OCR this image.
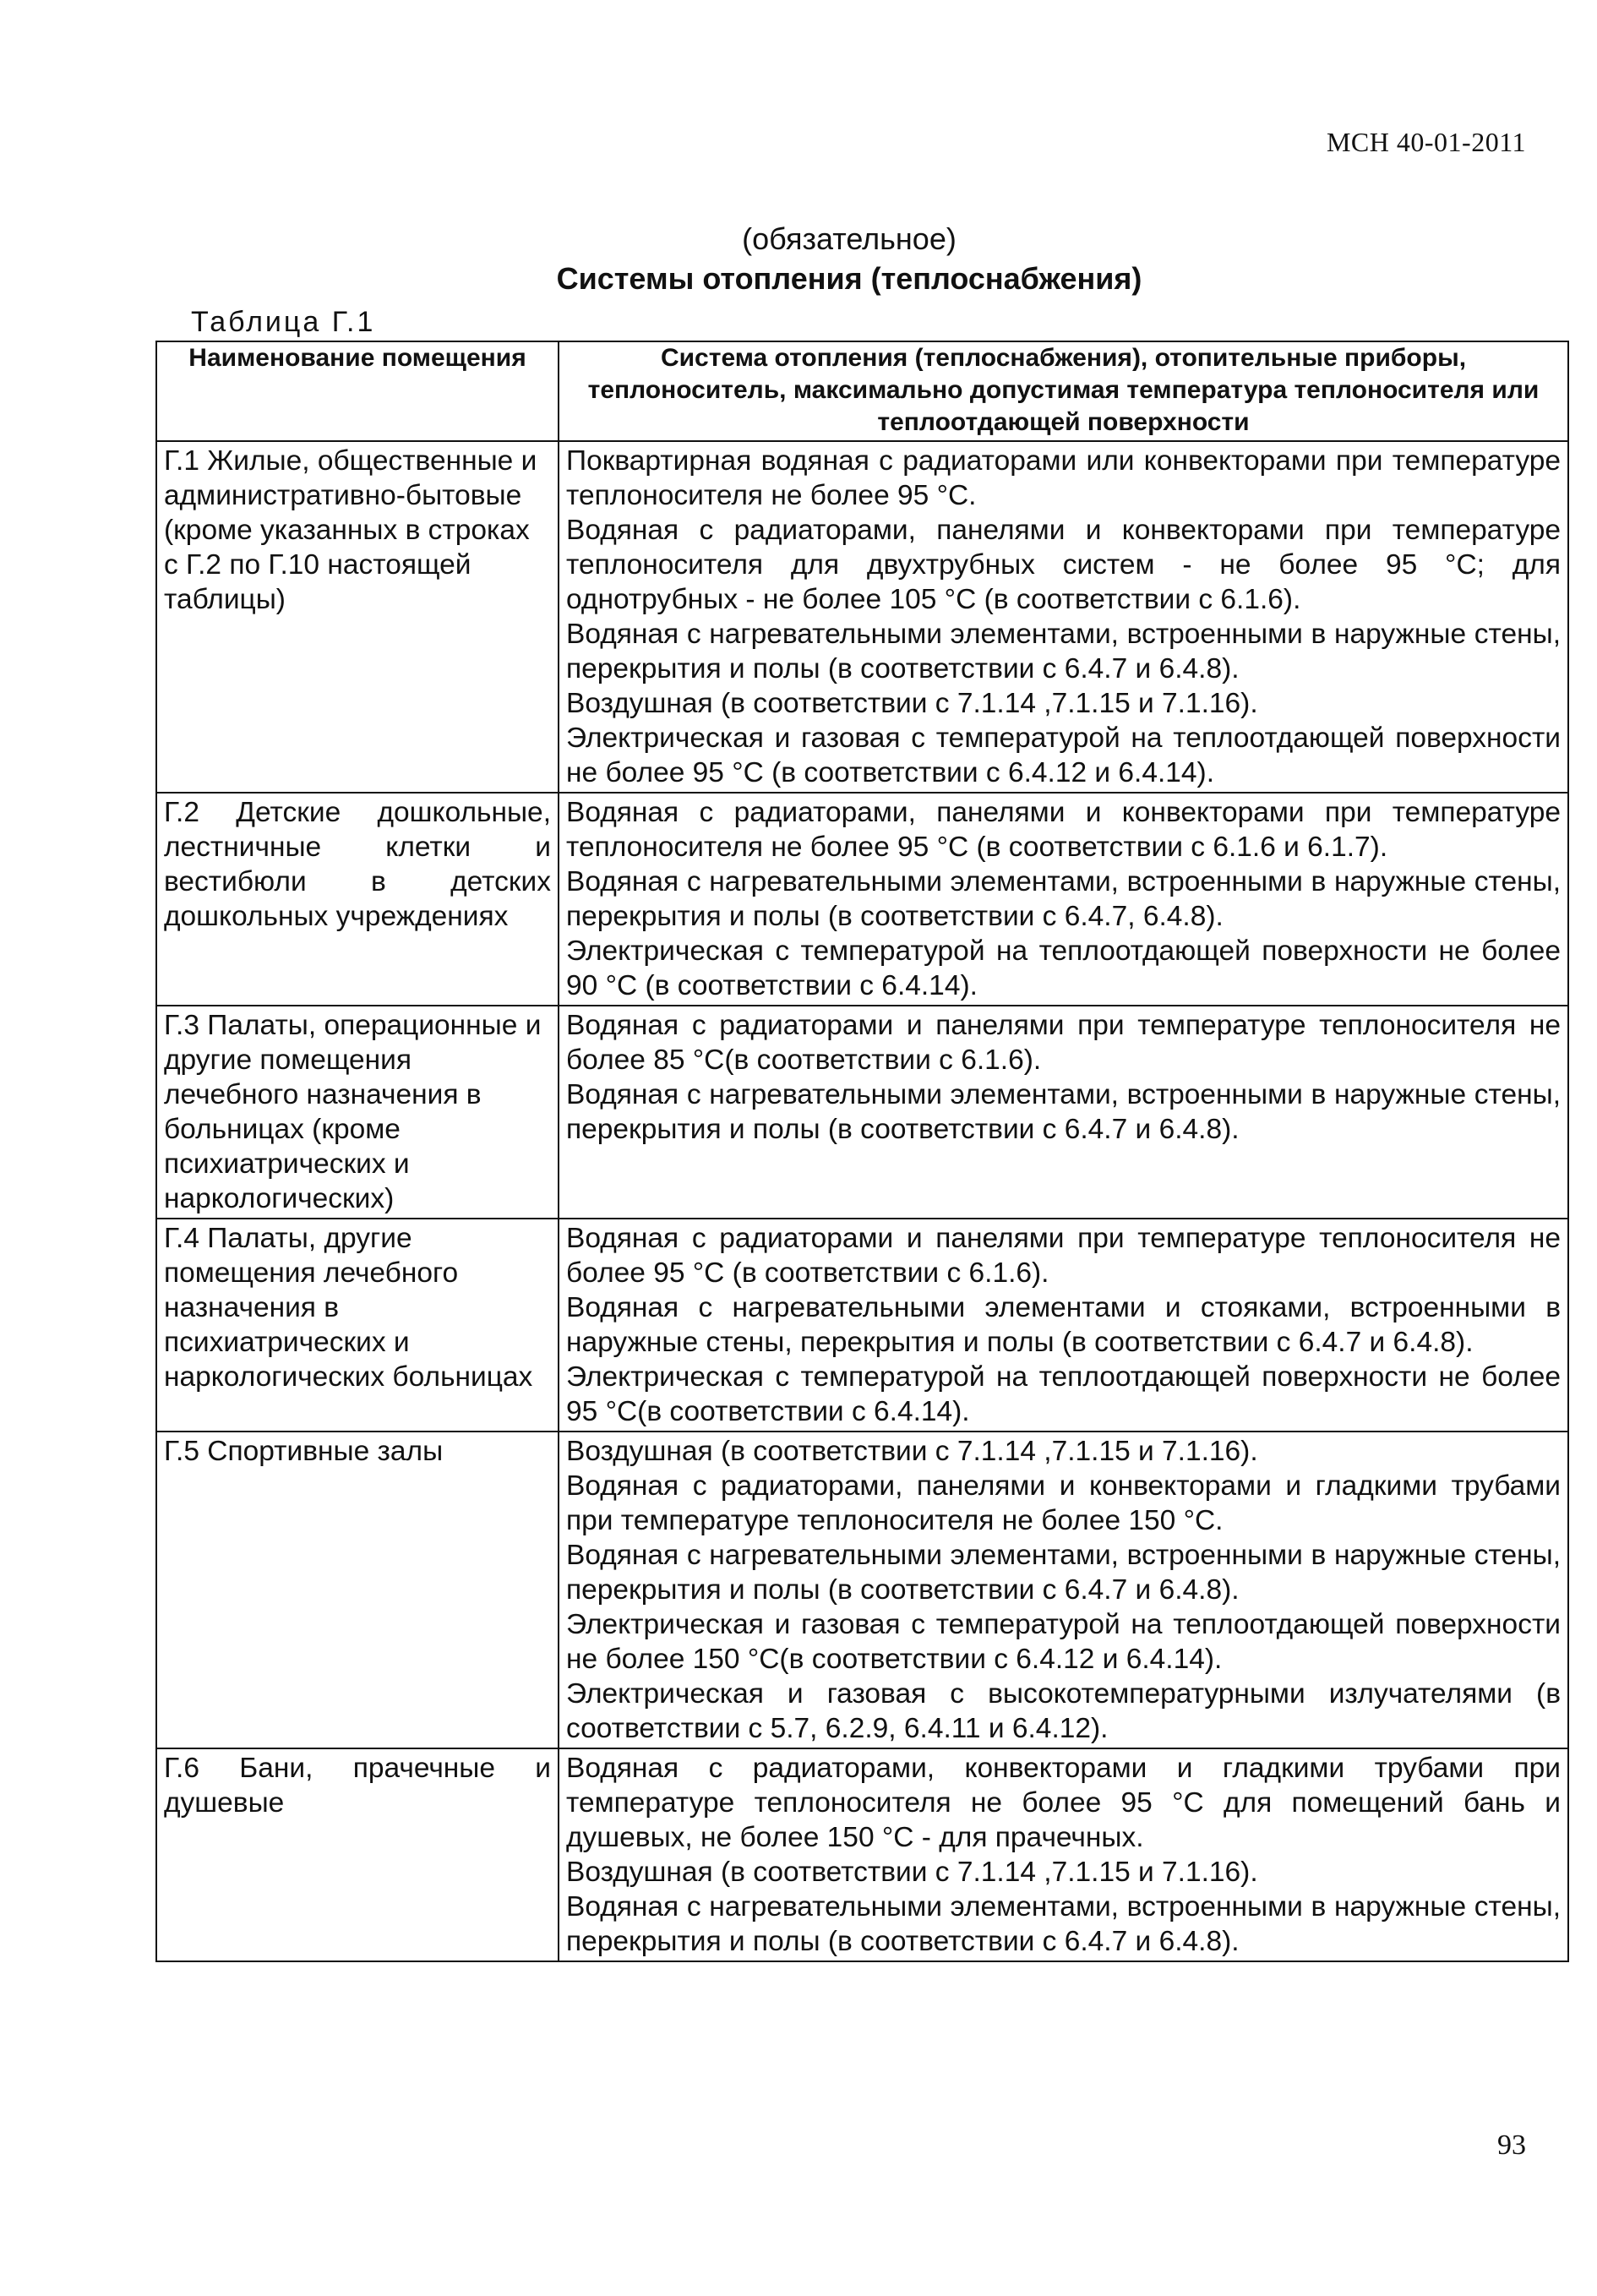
МСН 40-01-2011
(обязательное)
Системы отопления (теплоснабжения)
Таблица Г.1
Наименование помещения	Система отопления (теплоснабжения), отопительные приборы, теплоноситель, максимально допустимая температура теплоносителя или теплоотдающей поверхности
Г.1 Жилые, общественные и административно-бытовые (кроме указанных в строках с Г.2 по Г.10 настоящей таблицы)	Поквартирная водяная с радиаторами или конвекторами при температуре теплоносителя не более 95 °С.
Водяная с радиаторами, панелями и конвекторами при температуре теплоносителя для двухтрубных систем - не более 95 °С; для однотрубных - не более 105 °С (в соответствии с 6.1.6).
Водяная с нагревательными элементами, встроенными в наружные стены, перекрытия и полы (в соответствии с 6.4.7 и 6.4.8).
Воздушная (в соответствии с 7.1.14 ,7.1.15 и 7.1.16).
Электрическая и газовая с температурой на теплоотдающей поверхности не более 95 °С (в соответствии с 6.4.12 и 6.4.14).

Г.2 Детские дошкольные, лестничные клетки и вестибюли в детских дошкольных учреждениях	Водяная с радиаторами, панелями и конвекторами при температуре теплоносителя не более 95 °С (в соответствии с 6.1.6 и 6.1.7).
Водяная с нагревательными элементами, встроенными в наружные стены, перекрытия и полы (в соответствии с 6.4.7, 6.4.8).
Электрическая с температурой на теплоотдающей поверхности не более 90 °С (в соответствии с 6.4.14).

Г.3 Палаты, операционные и другие помещения лечебного назначения в больницах (кроме психиатрических и наркологических)	Водяная с радиаторами и панелями при температуре теплоносителя не более 85 °С(в соответствии с 6.1.6).
Водяная с нагревательными элементами, встроенными в наружные стены, перекрытия и полы (в соответствии с 6.4.7 и 6.4.8).

Г.4 Палаты, другие помещения лечебного назначения в психиатрических и наркологических больницах	Водяная с радиаторами и панелями при температуре теплоносителя не более 95 °С (в соответствии с 6.1.6).
Водяная с нагревательными элементами и стояками, встроенными в наружные стены, перекрытия и полы (в соответствии с 6.4.7 и 6.4.8).
Электрическая с температурой на теплоотдающей поверхности не более 95 °С(в соответствии с 6.4.14).

Г.5 Спортивные залы	Воздушная (в соответствии с 7.1.14 ,7.1.15 и 7.1.16).
Водяная с радиаторами, панелями и конвекторами и гладкими трубами при температуре теплоносителя не более 150 °С.
Водяная с нагревательными элементами, встроенными в наружные стены, перекрытия и полы (в соответствии с 6.4.7 и 6.4.8).
Электрическая и газовая с температурой на теплоотдающей поверхности не более 150 °С(в соответствии с 6.4.12 и 6.4.14).
Электрическая и газовая с высокотемпературными излучателями (в соответствии с 5.7, 6.2.9, 6.4.11 и 6.4.12).

Г.6 Бани, прачечные и душевые	Водяная с радиаторами, конвекторами и гладкими трубами при температуре теплоносителя не более 95 °С для помещений бань и душевых, не более 150 °С - для прачечных.
Воздушная (в соответствии с 7.1.14 ,7.1.15 и 7.1.16).
Водяная с нагревательными элементами, встроенными в наружные стены, перекрытия и полы (в соответствии с 6.4.7 и 6.4.8).
93
